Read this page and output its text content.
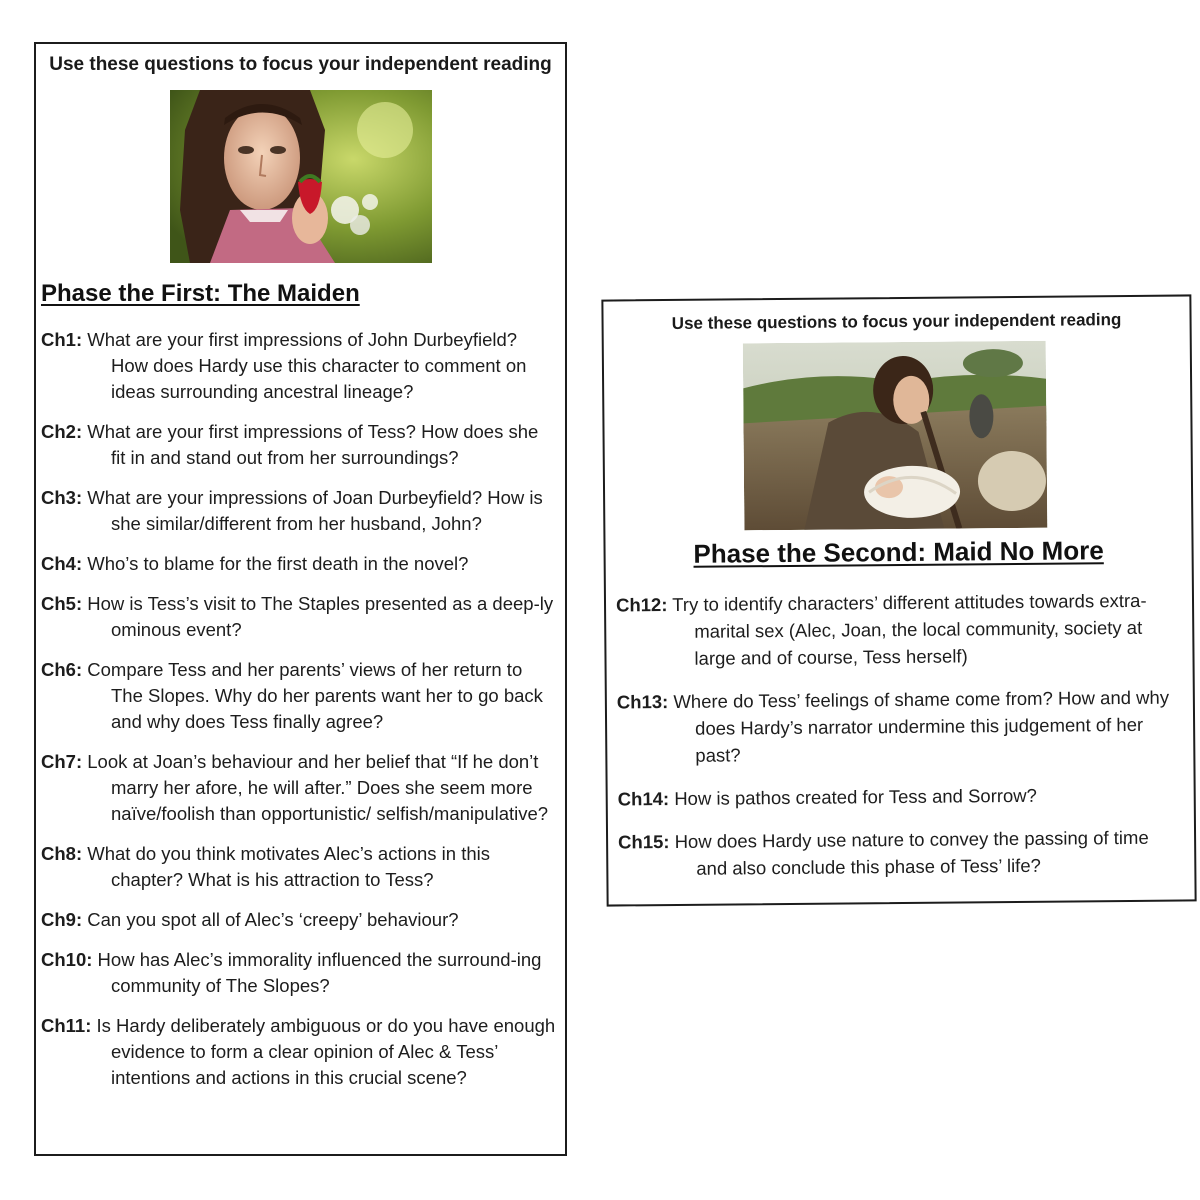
Use these questions to focus your independent reading

Phase the First: The Maiden
Ch1: What are your first impressions of John Durbeyfield? How does Hardy use this character to comment on ideas surrounding ancestral lineage?
Ch2: What are your first impressions of Tess? How does she fit in and stand out from her surroundings?
Ch3: What are your impressions of Joan Durbeyfield? How is she similar/different from her husband, John?
Ch4: Who’s to blame for the first death in the novel?
Ch5: How is Tess’s visit to The Staples presented as a deep-ly ominous event?
Ch6: Compare Tess and her parents’ views of her return to The Slopes. Why do her parents want her to go back and why does Tess finally agree?
Ch7: Look at Joan’s behaviour and her belief that “If he don’t marry her afore, he will after.” Does she seem more naïve/foolish than opportunistic/ selfish/manipulative?
Ch8: What do you think motivates Alec’s actions in this chapter? What is his attraction to Tess?
Ch9: Can you spot all of Alec’s ‘creepy’ behaviour?
Ch10: How has Alec’s immorality influenced the surround-ing community of The Slopes?
Ch11: Is Hardy deliberately ambiguous or do you have enough evidence to form a clear opinion of Alec & Tess’ intentions and actions in this crucial scene?

Use these questions to focus your independent reading

Phase the Second: Maid No More
Ch12: Try to identify characters’ different attitudes towards extra-marital sex (Alec, Joan, the local community, society at large and of course, Tess herself)
Ch13: Where do Tess’ feelings of shame come from? How and why does Hardy’s narrator undermine this judgement of her past?
Ch14: How is pathos created for Tess and Sorrow?
Ch15: How does Hardy use nature to convey the passing of time and also conclude this phase of Tess’ life?
